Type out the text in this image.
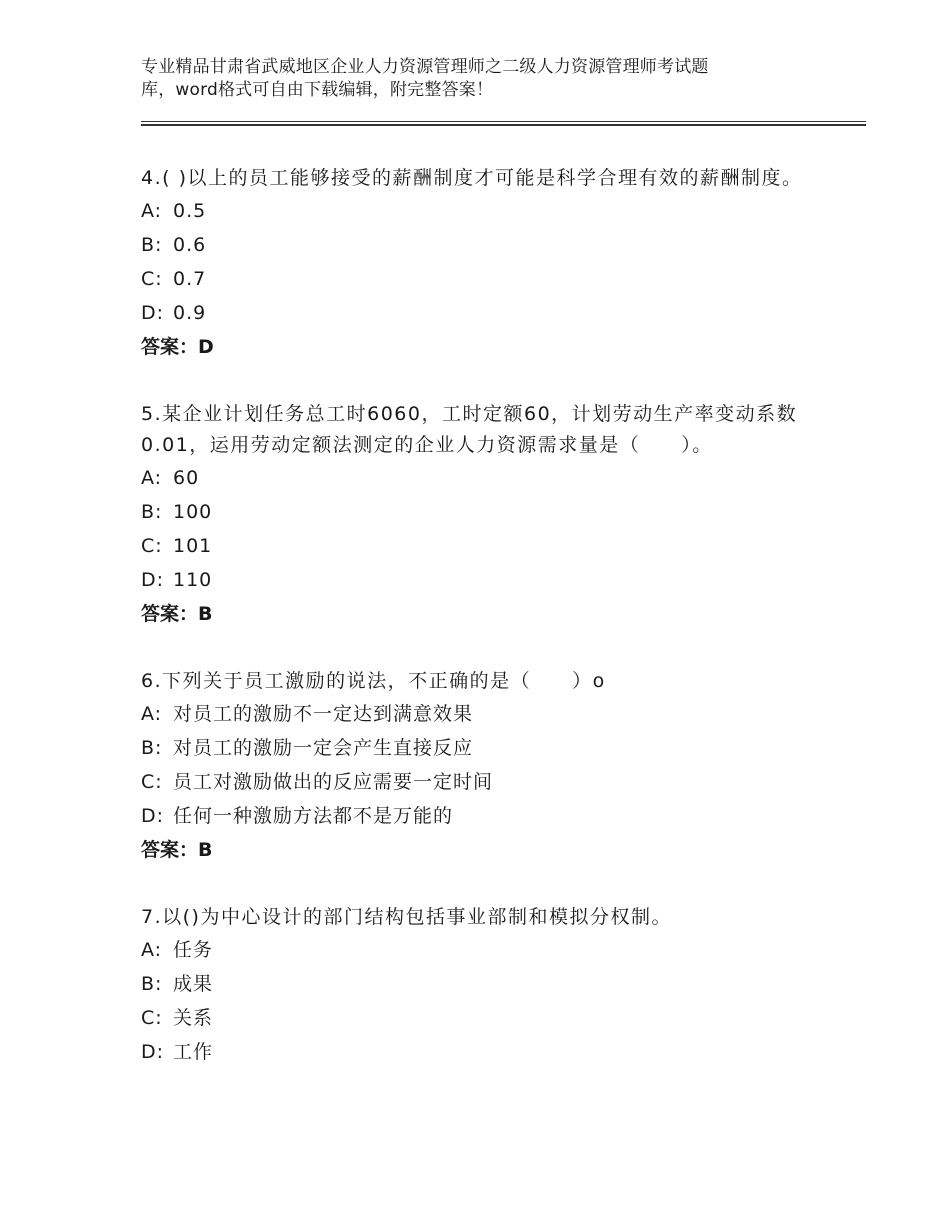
专业精品甘肃省武威地区企业人力资源管理师之二级人力资源管理师考试题
库，word格式可自由下载编辑，附完整答案！

4.( )以上的员工能够接受的薪酬制度才可能是科学合理有效的薪酬制度。

A: 0.5

B: 0.6

C: 0.7

D: 0.9

答案：D

5.某企业计划任务总工时6060，工时定额60，计划劳动生产率变动系数0.01，运用劳动定额法测定的企业人力资源需求量是（　　）。

A: 60

B: 100

C: 101

D: 110

答案：B

6.下列关于员工激励的说法，不正确的是（　　）o

A: 对员工的激励不一定达到满意效果

B: 对员工的激励一定会产生直接反应

C: 员工对激励做出的反应需要一定时间

D: 任何一种激励方法都不是万能的

答案：B

7.以()为中心设计的部门结构包括事业部制和模拟分权制。

A: 任务

B: 成果

C: 关系

D: 工作
